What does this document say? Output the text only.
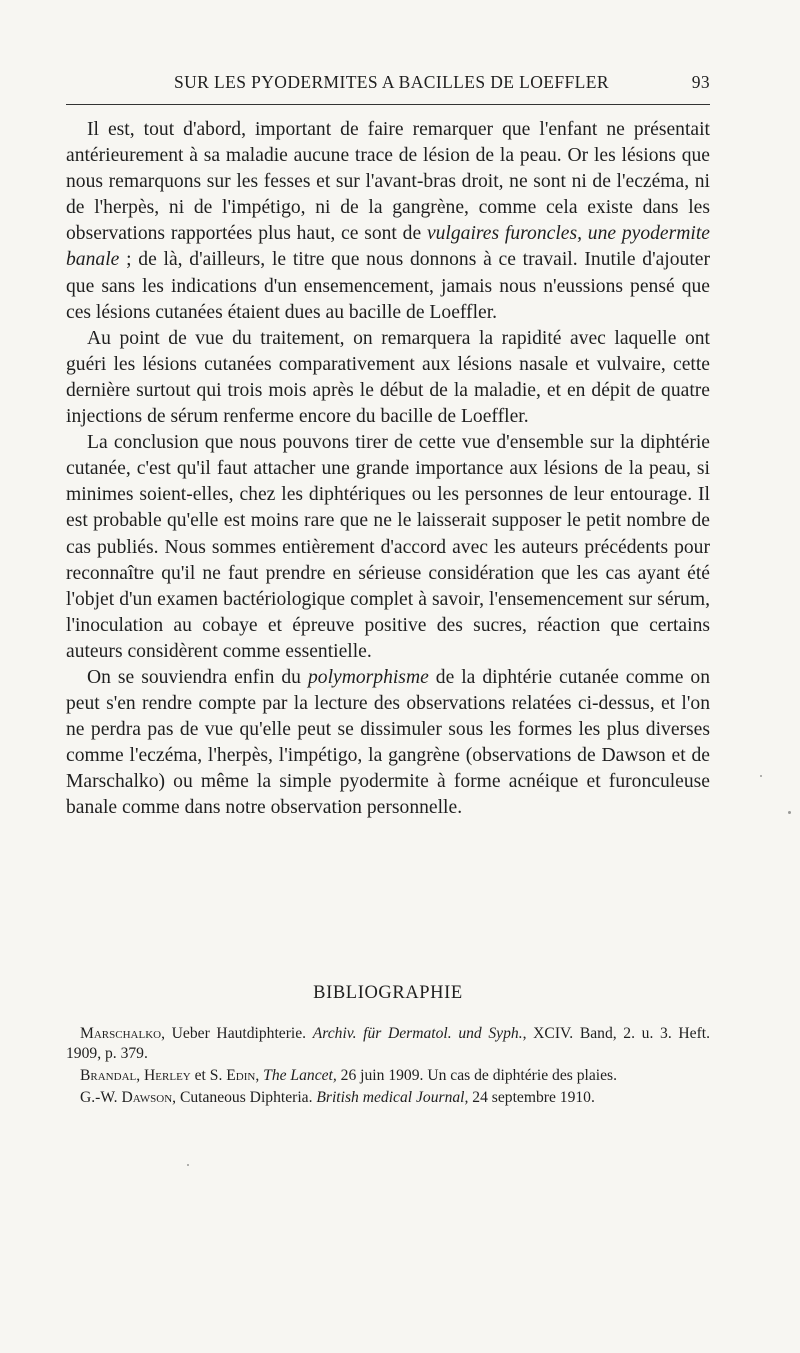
SUR LES PYODERMITES A BACILLES DE LOEFFLER	93

Il est, tout d'abord, important de faire remarquer que l'enfant ne présentait antérieurement à sa maladie aucune trace de lésion de la peau. Or les lésions que nous remarquons sur les fesses et sur l'avant-bras droit, ne sont ni de l'eczéma, ni de l'herpès, ni de l'impétigo, ni de la gangrène, comme cela existe dans les observations rapportées plus haut, ce sont de vulgaires furoncles, une pyodermite banale ; de là, d'ailleurs, le titre que nous donnons à ce travail. Inutile d'ajouter que sans les indications d'un ensemencement, jamais nous n'eussions pensé que ces lésions cutanées étaient dues au bacille de Loeffler.

Au point de vue du traitement, on remarquera la rapidité avec laquelle ont guéri les lésions cutanées comparativement aux lésions nasale et vulvaire, cette dernière surtout qui trois mois après le début de la maladie, et en dépit de quatre injections de sérum renferme encore du bacille de Loeffler.

La conclusion que nous pouvons tirer de cette vue d'ensemble sur la diphtérie cutanée, c'est qu'il faut attacher une grande importance aux lésions de la peau, si minimes soient-elles, chez les diphtériques ou les personnes de leur entourage. Il est probable qu'elle est moins rare que ne le laisserait supposer le petit nombre de cas publiés. Nous sommes entièrement d'accord avec les auteurs précédents pour reconnaître qu'il ne faut prendre en sérieuse considération que les cas ayant été l'objet d'un examen bactériologique complet à savoir, l'ensemencement sur sérum, l'inoculation au cobaye et épreuve positive des sucres, réaction que certains auteurs considèrent comme essentielle.

On se souviendra enfin du polymorphisme de la diphtérie cutanée comme on peut s'en rendre compte par la lecture des observations relatées ci-dessus, et l'on ne perdra pas de vue qu'elle peut se dissimuler sous les formes les plus diverses comme l'eczéma, l'herpès, l'impétigo, la gangrène (observations de Dawson et de Marschalko) ou même la simple pyodermite à forme acnéique et furonculeuse banale comme dans notre observation personnelle.

BIBLIOGRAPHIE

Marschalko, Ueber Hautdiphterie. Archiv. für Dermatol. und Syph., XCIV. Band, 2. u. 3. Heft. 1909, p. 379.

Brandal, Herley et S. Edin, The Lancet, 26 juin 1909. Un cas de diphtérie des plaies.

G.-W. Dawson, Cutaneous Diphteria. British medical Journal, 24 septembre 1910.
